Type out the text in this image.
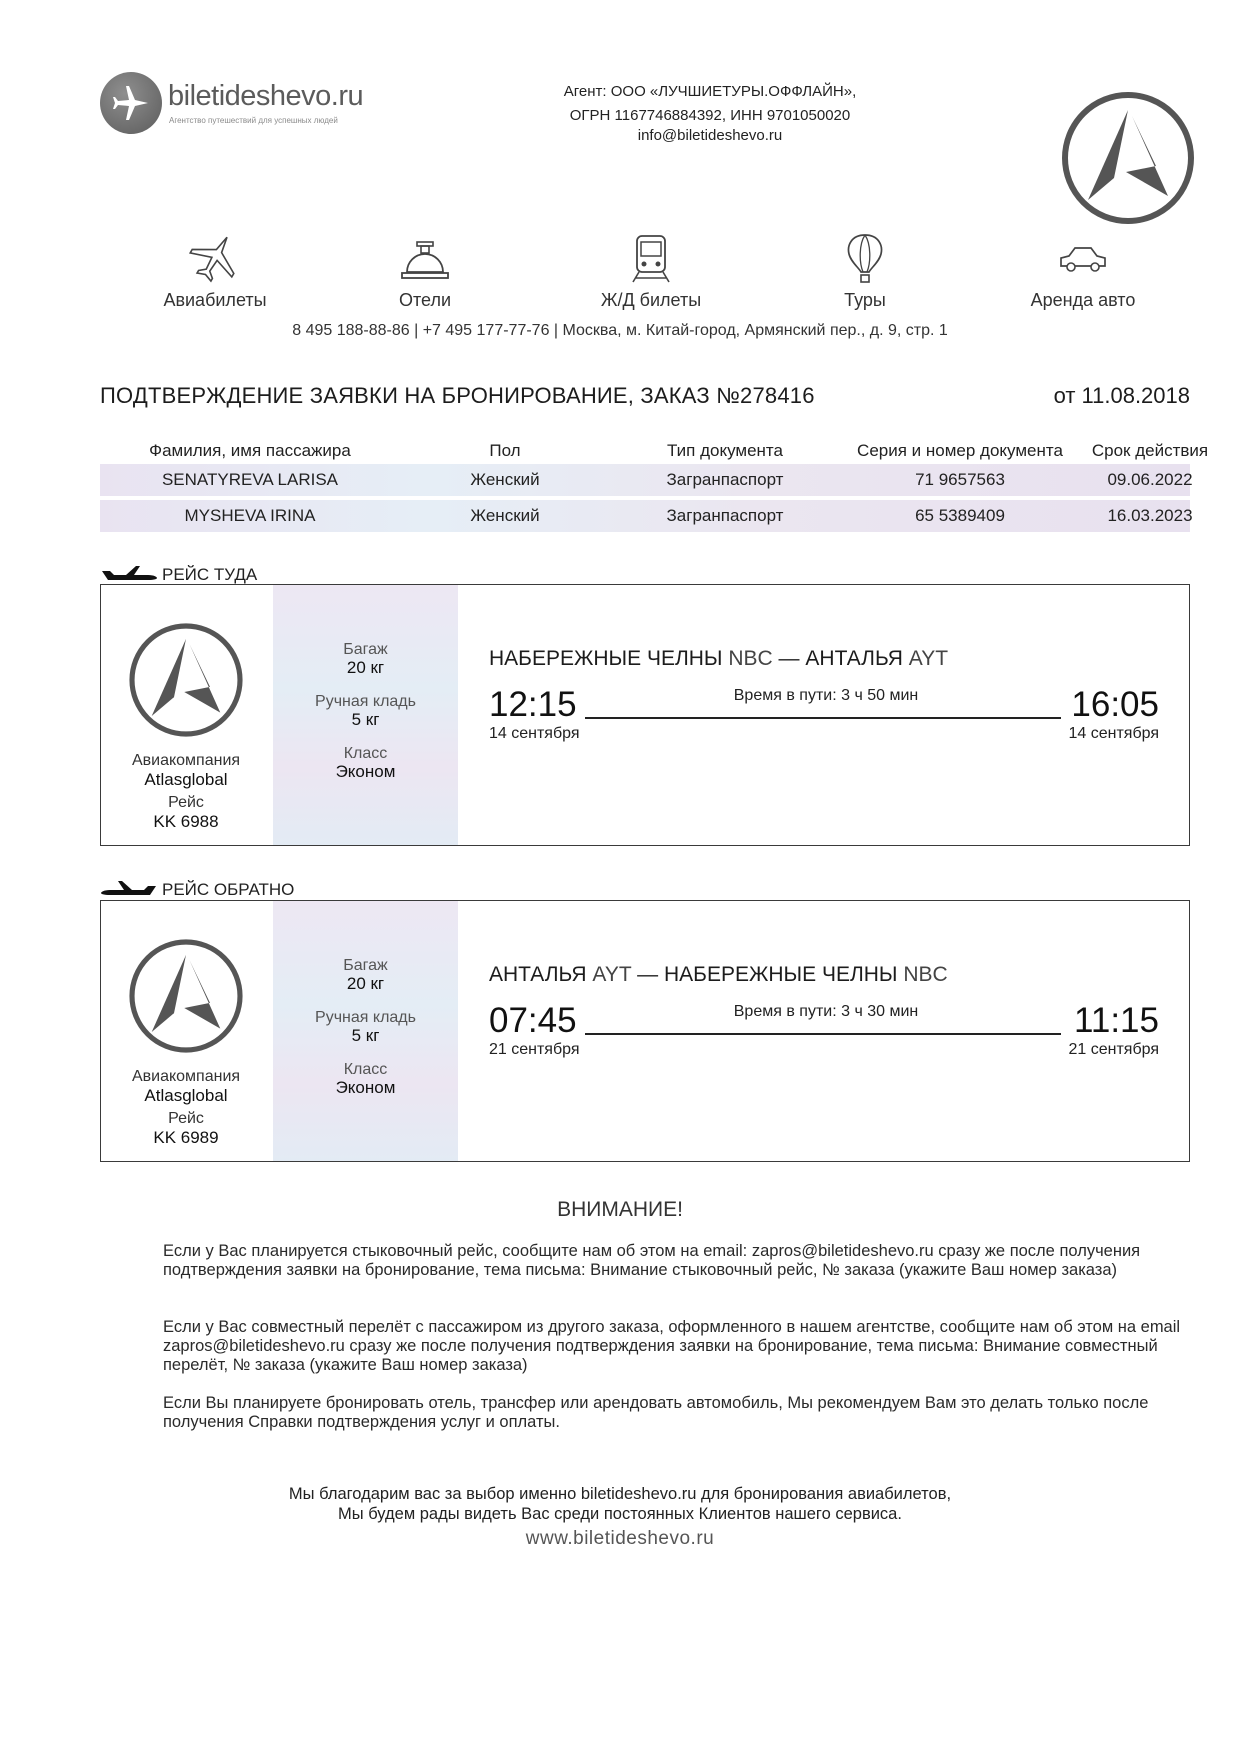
biletideshevo.ru
Агентство путешествий для успешных людей
Агент: ООО «ЛУЧШИЕТУРЫ.ОФФЛАЙН»,
ОГРН 1167746884392, ИНН 9701050020
info@biletideshevo.ru
Авиабилеты	Отели	Ж/Д билеты	Туры	Аренда авто
8 495 188-88-86 | +7 495 177-77-76 | Москва, м. Китай-город, Армянский пер., д. 9, стр. 1
ПОДТВЕРЖДЕНИЕ ЗАЯВКИ НА БРОНИРОВАНИЕ, ЗАКАЗ №278416	от 11.08.2018
Фамилия, имя пассажира	Пол	Тип документа	Серия и номер документа	Срок действия
SENATYREVA LARISA	Женский	Загранпаспорт	71 9657563	09.06.2022
MYSHEVA IRINA	Женский	Загранпаспорт	65 5389409	16.03.2023
РЕЙС ТУДА
Багаж
20 кг
Ручная кладь
5 кг
Класс
Эконом
Авиакомпания
Atlasglobal
Рейс
KK 6988
НАБЕРЕЖНЫЕ ЧЕЛНЫ NBC — АНТАЛЬЯ AYT
12:15	Время в пути: 3 ч 50 мин	16:05
14 сентября	14 сентября
РЕЙС ОБРАТНО
Багаж
20 кг
Ручная кладь
5 кг
Класс
Эконом
Авиакомпания
Atlasglobal
Рейс
KK 6989
АНТАЛЬЯ AYT — НАБЕРЕЖНЫЕ ЧЕЛНЫ NBC
07:45	Время в пути: 3 ч 30 мин	11:15
21 сентября	21 сентября
ВНИМАНИЕ!
Если у Вас планируется стыковочный рейс, сообщите нам об этом на email: zapros@biletideshevo.ru сразу же после получения подтверждения заявки на бронирование, тема письма: Внимание стыковочный рейс, № заказа (укажите Ваш номер заказа)
Если у Вас совместный перелёт с пассажиром из другого заказа, оформленного в нашем агентстве, сообщите нам об этом на email zapros@biletideshevo.ru сразу же после получения подтверждения заявки на бронирование, тема письма: Внимание совместный перелёт, № заказа (укажите Ваш номер заказа)
Если Вы планируете бронировать отель, трансфер или арендовать автомобиль, Мы рекомендуем Вам это делать только после получения Справки подтверждения услуг и оплаты.
Мы благодарим вас за выбор именно biletideshevo.ru для бронирования авиабилетов,
Мы будем рады видеть Вас среди постоянных Клиентов нашего сервиса.
www.biletideshevo.ru
